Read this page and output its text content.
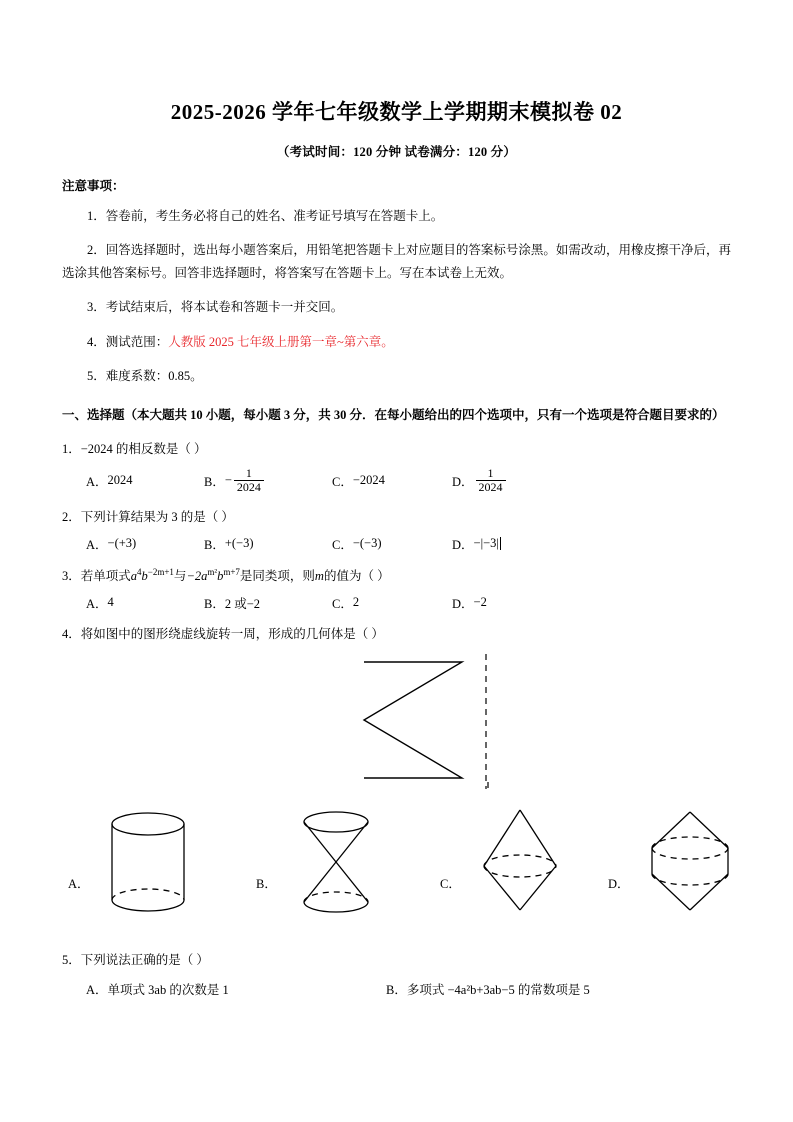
2025-2026 学年七年级数学上学期期末模拟卷 02
（考试时间：120 分钟 试卷满分：120 分）
注意事项：
1．答卷前，考生务必将自己的姓名、准考证号填写在答题卡上。
2．回答选择题时，选出每小题答案后，用铅笔把答题卡上对应题目的答案标号涂黑。如需改动，用橡皮擦干净后，再选涂其他答案标号。回答非选择题时，将答案写在答题卡上。写在本试卷上无效。
3．考试结束后，将本试卷和答题卡一并交回。
4．测试范围：人教版 2025 七年级上册第一章~第六章。
5．难度系数：0.85。
一、选择题（本大题共 10 小题，每小题 3 分，共 30 分．在每小题给出的四个选项中，只有一个选项是符合题目要求的）
1．−2024 的相反数是（ ）
A． 2024	B． − $\frac{1}{2024}$	C． −2024	D． $\frac{1}{2024}$
2．下列计算结果为 3 的是（ ）
A． −(+3)	B． +(−3)	C． −(−3)	D． −|−3|
3．若单项式$a^4b^{-2m+1}$与$-2a^{m^2}b^{m+7}$是同类项，则m的值为（ ）
A． 4	B． 2 或−2	C． 2	D． −2
4．将如图中的图形绕虚线旋转一周，形成的几何体是（ ）
A．	B．	C．	D．
5．下列说法正确的是（ ）
A．单项式 3ab 的次数是 1	B．多项式 −4a²b+3ab−5 的常数项是 5
